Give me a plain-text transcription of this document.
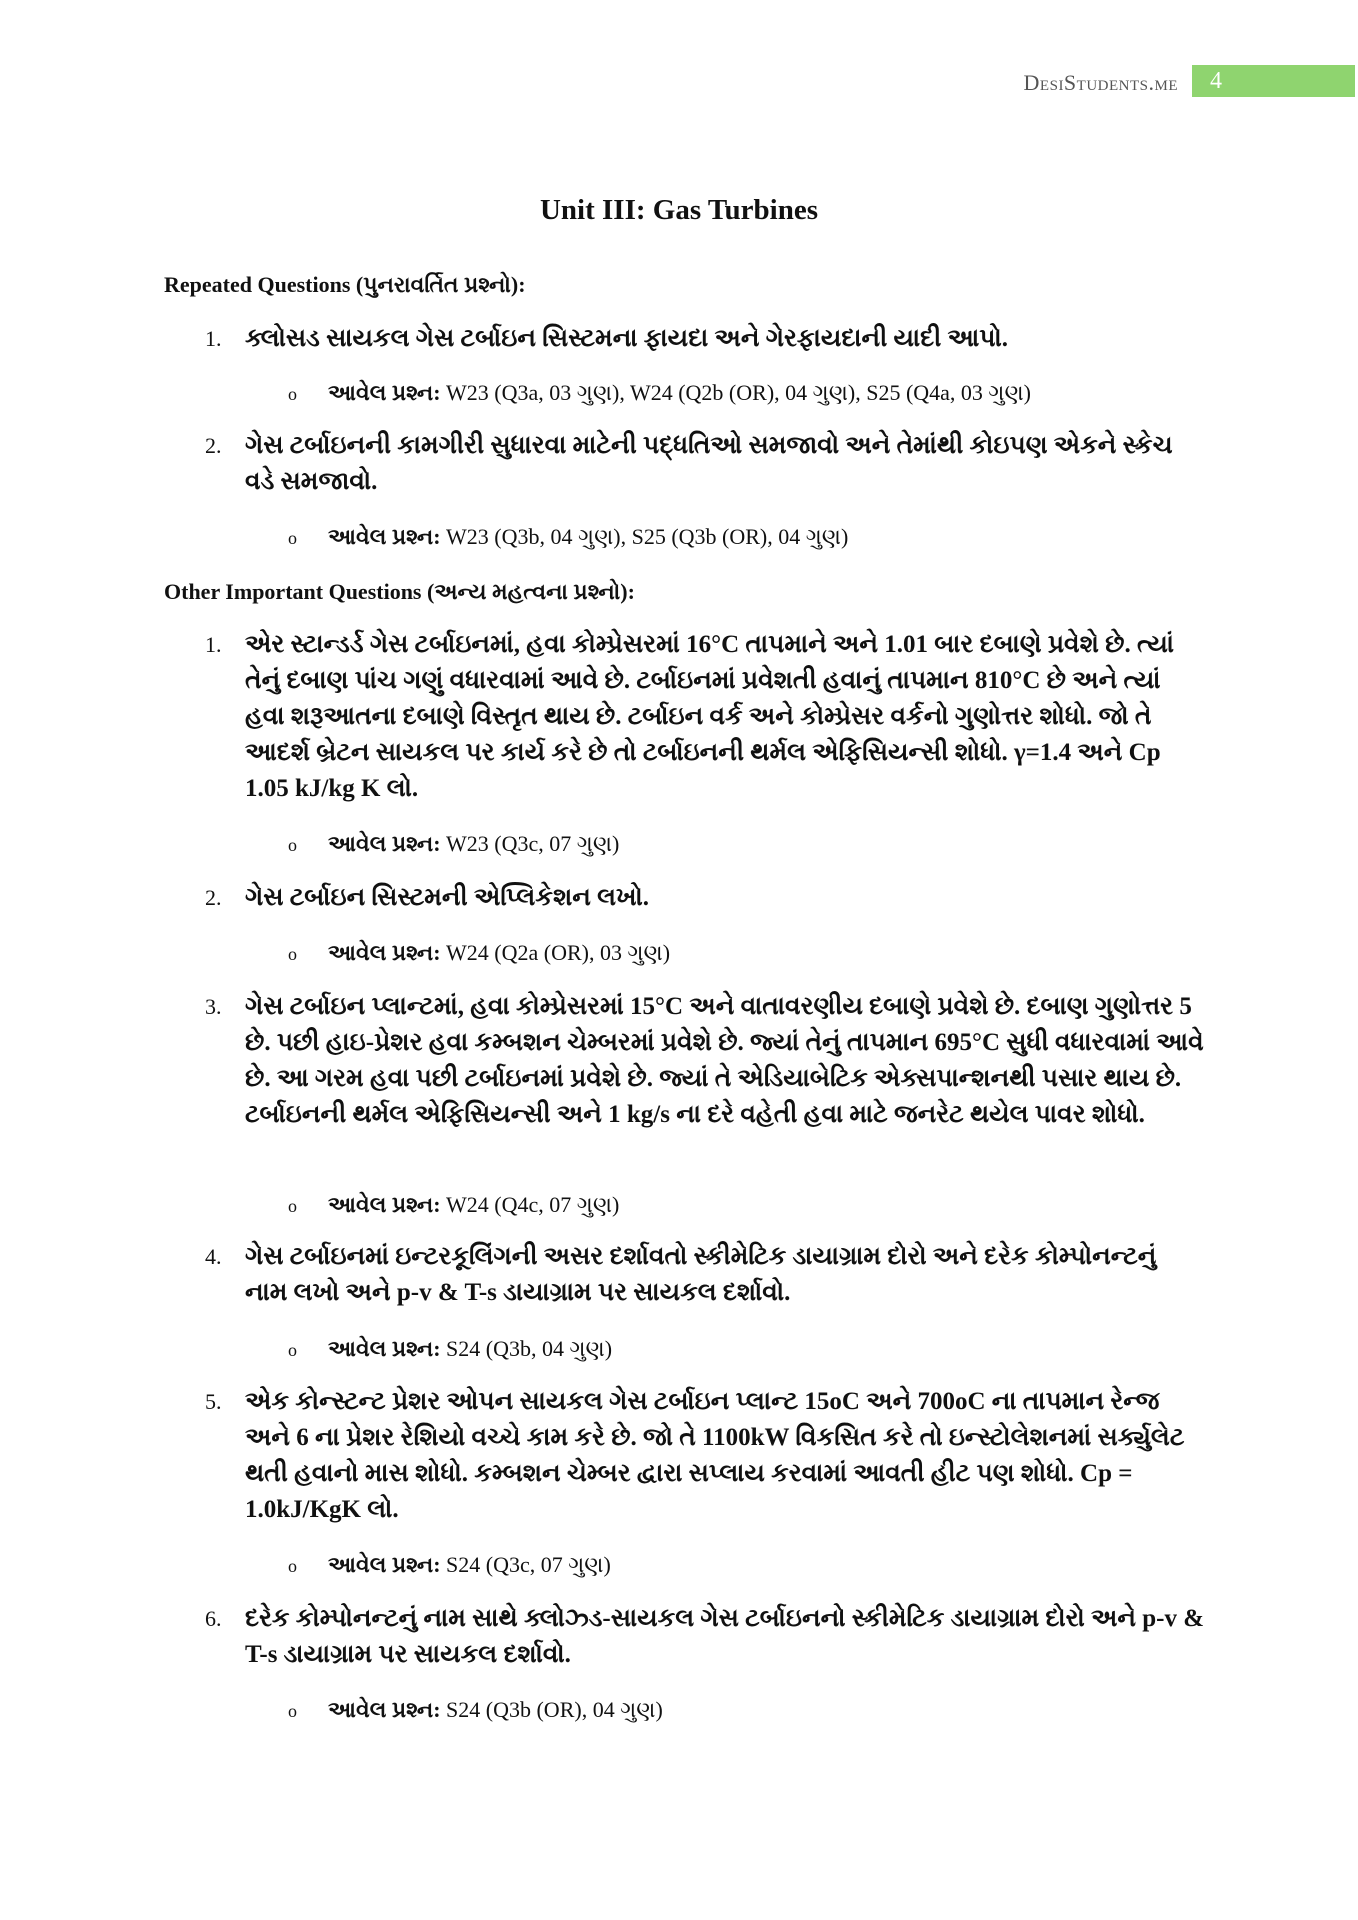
DesiStudents.me	4
Unit III: Gas Turbines
Repeated Questions (પુનરાવર્તિત પ્રશ્નો):
1. ક્લોસડ સાયકલ ગેસ ટર્બાઇન સિસ્ટમના ફાયદા અને ગેરફાયદાની યાદી આપો.
o આવેલ પ્રશ્ન: W23 (Q3a, 03 ગુણ), W24 (Q2b (OR), 04 ગુણ), S25 (Q4a, 03 ગુણ)
2. ગેસ ટર્બાઇનની કામગીરી સુધારવા માટેની પદ્ધતિઓ સમજાવો અને તેમાંથી કોઇપણ એકને સ્કેચ વડે સમજાવો.
o આવેલ પ્રશ્ન: W23 (Q3b, 04 ગુણ), S25 (Q3b (OR), 04 ગુણ)
Other Important Questions (અન્ય મહત્વના પ્રશ્નો):
1. એર સ્ટાન્ડર્ડ ગેસ ટર્બાઇનમાં, હવા કોમ્પ્રેસરમાં 16°C તાપમાને અને 1.01 બાર દબાણે પ્રવેશે છે. ત્યાં તેનું દબાણ પાંચ ગણું વધારવામાં આવે છે. ટર્બાઇનમાં પ્રવેશતી હવાનું તાપમાન 810°C છે અને ત્યાં હવા શરૂઆતના દબાણે વિસ્તૃત થાય છે. ટર્બાઇન વર્ક અને કોમ્પ્રેસર વર્કનો ગુણોત્તર શોધો. જો તે આદર્શ બ્રેટન સાયકલ પર કાર્ય કરે છે તો ટર્બાઇનની થર્મલ એફિસિયન્સી શોધો. γ=1.4 અને Cp 1.05 kJ/kg K લો.
o આવેલ પ્રશ્ન: W23 (Q3c, 07 ગુણ)
2. ગેસ ટર્બાઇન સિસ્ટમની એપ્લિકેશન લખો.
o આવેલ પ્રશ્ન: W24 (Q2a (OR), 03 ગુણ)
3. ગેસ ટર્બાઇન પ્લાન્ટમાં, હવા કોમ્પ્રેસરમાં 15°C અને વાતાવરણીય દબાણે પ્રવેશે છે. દબાણ ગુણોત્તર 5 છે. પછી હાઇ-પ્રેશર હવા કમ્બશન ચેમ્બરમાં પ્રવેશે છે. જ્યાં તેનું તાપમાન 695°C સુધી વધારવામાં આવે છે. આ ગરમ હવા પછી ટર્બાઇનમાં પ્રવેશે છે. જ્યાં તે એડિયાબેટિક એક્સપાન્શનથી પસાર થાય છે. ટર્બાઇનની થર્મલ એફિસિયન્સી અને 1 kg/s ના દરે વહેતી હવા માટે જનરેટ થયેલ પાવર શોધો.
o આવેલ પ્રશ્ન: W24 (Q4c, 07 ગુણ)
4. ગેસ ટર્બાઇનમાં ઇન્ટરકૂલિંગની અસર દર્શાવતો સ્કીમેટિક ડાયાગ્રામ દોરો અને દરેક કોમ્પોનન્ટનું નામ લખો અને p-v & T-s ડાયાગ્રામ પર સાયકલ દર્શાવો.
o આવેલ પ્રશ્ન: S24 (Q3b, 04 ગુણ)
5. એક કોન્સ્ટન્ટ પ્રેશર ઓપન સાયકલ ગેસ ટર્બાઇન પ્લાન્ટ 15oC અને 700oC ના તાપમાન રેન્જ અને 6 ના પ્રેશર રેશિયો વચ્ચે કામ કરે છે. જો તે 1100kW વિકસિત કરે તો ઇન્સ્ટોલેશનમાં સર્ક્યુલેટ થતી હવાનો માસ શોધો. કમ્બશન ચેમ્બર દ્વારા સપ્લાય કરવામાં આવતી હીટ પણ શોધો. Cp = 1.0kJ/KgK લો.
o આવેલ પ્રશ્ન: S24 (Q3c, 07 ગુણ)
6. દરેક કોમ્પોનન્ટનું નામ સાથે ક્લોઝ્ડ-સાયકલ ગેસ ટર્બાઇનનો સ્કીમેટિક ડાયાગ્રામ દોરો અને p-v & T-s ડાયાગ્રામ પર સાયકલ દર્શાવો.
o આવેલ પ્રશ્ન: S24 (Q3b (OR), 04 ગુણ)
